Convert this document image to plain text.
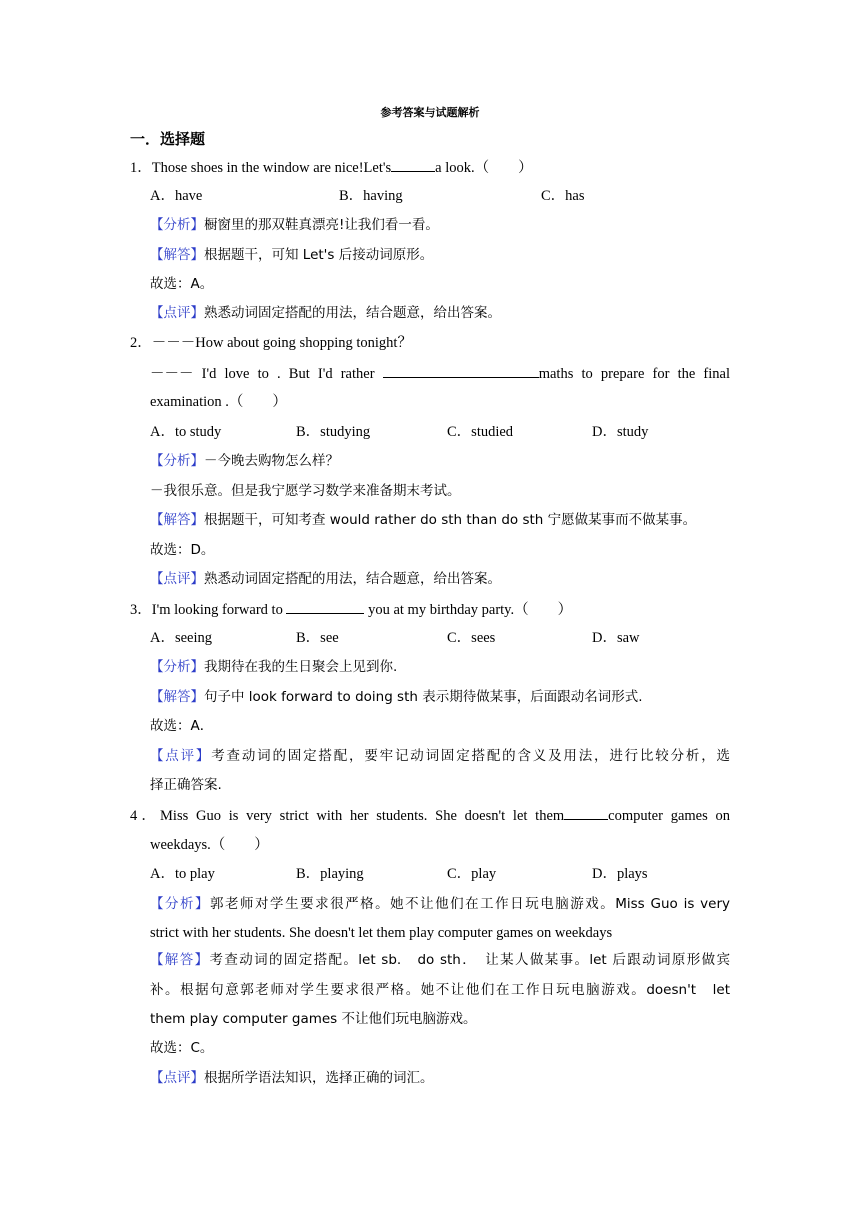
参考答案与试题解析
一．选择题
1．Those shoes in the window are nice!Let's	a look.（　　）
A．have	B．having	C．has
【分析】橱窗里的那双鞋真漂亮!让我们看一看。
【解答】根据题干，可知 Let's 后接动词原形。
故选：A。
【点评】熟悉动词固定搭配的用法，结合题意，给出答案。
2．－－－How about going shopping tonight？
－－－ I'd love to . But I'd rather	maths to prepare for the final
examination .（　　）
A．to study	B．studying	C．studied	D．study
【分析】－今晚去购物怎么样？
－我很乐意。但是我宁愿学习数学来准备期末考试。
【解答】根据题干，可知考查 would rather do sth than do sth 宁愿做某事而不做某事。
故选：D。
【点评】熟悉动词固定搭配的用法，结合题意，给出答案。
3．I'm looking forward to	you at my birthday party.（　　）
A．seeing	B．see	C．sees	D．saw
【分析】我期待在我的生日聚会上见到你.
【解答】句子中 look forward to doing sth 表示期待做某事，后面跟动名词形式.
故选：A．
【点评】考查动词的固定搭配，要牢记动词固定搭配的含义及用法，进行比较分析，选
择正确答案.
4．Miss Guo is very strict with her students. She doesn't let them	computer games on
weekdays.（　　）
A．to play	B．playing	C．play	D．plays
【分析】郭老师对学生要求很严格。她不让他们在工作日玩电脑游戏。Miss Guo is very
strict with her students. She doesn't let them play computer games on weekdays
【解答】考查动词的固定搭配。let sb.　do sth．　让某人做某事。let 后跟动词原形做宾
补。根据句意郭老师对学生要求很严格。她不让他们在工作日玩电脑游戏。doesn't　let
them play computer games 不让他们玩电脑游戏。
故选：C。
【点评】根据所学语法知识，选择正确的词汇。
